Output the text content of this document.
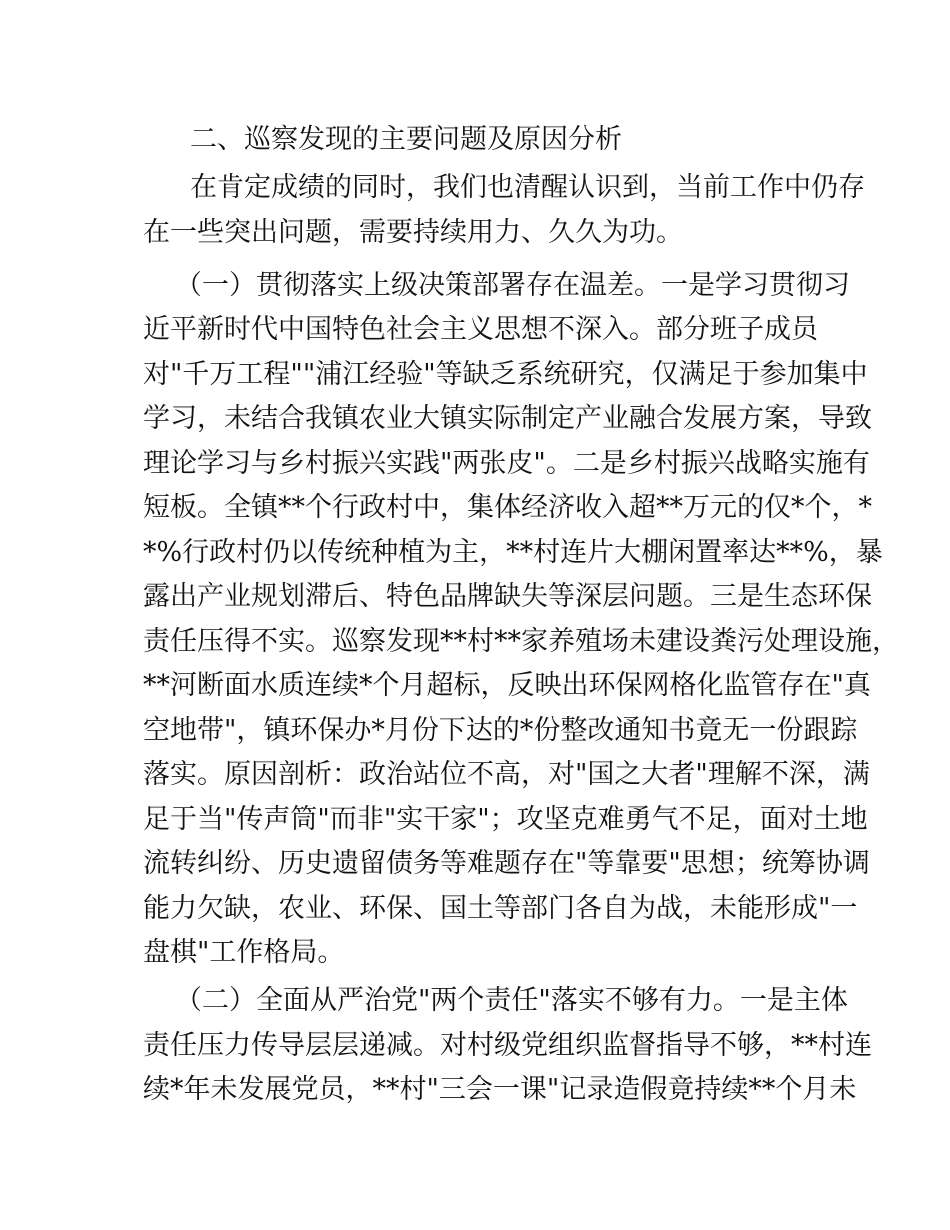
二、巡察发现的主要问题及原因分析
在肯定成绩的同时，我们也清醒认识到，当前工作中仍存
在一些突出问题，需要持续用力、久久为功。
（一）贯彻落实上级决策部署存在温差。一是学习贯彻习
近平新时代中国特色社会主义思想不深入。部分班子成员
对"千万工程""浦江经验"等缺乏系统研究，仅满足于参加集中
学习，未结合我镇农业大镇实际制定产业融合发展方案，导致
理论学习与乡村振兴实践"两张皮"。二是乡村振兴战略实施有
短板。全镇**个行政村中，集体经济收入超**万元的仅*个，*
*%行政村仍以传统种植为主，**村连片大棚闲置率达**%，暴
露出产业规划滞后、特色品牌缺失等深层问题。三是生态环保
责任压得不实。巡察发现**村**家养殖场未建设粪污处理设施，
**河断面水质连续*个月超标，反映出环保网格化监管存在"真
空地带"，镇环保办*月份下达的*份整改通知书竟无一份跟踪
落实。原因剖析：政治站位不高，对"国之大者"理解不深，满
足于当"传声筒"而非"实干家"；攻坚克难勇气不足，面对土地
流转纠纷、历史遗留债务等难题存在"等靠要"思想；统筹协调
能力欠缺，农业、环保、国土等部门各自为战，未能形成"一
盘棋"工作格局。
（二）全面从严治党"两个责任"落实不够有力。一是主体
责任压力传导层层递减。对村级党组织监督指导不够，**村连
续*年未发展党员，**村"三会一课"记录造假竟持续**个月未
